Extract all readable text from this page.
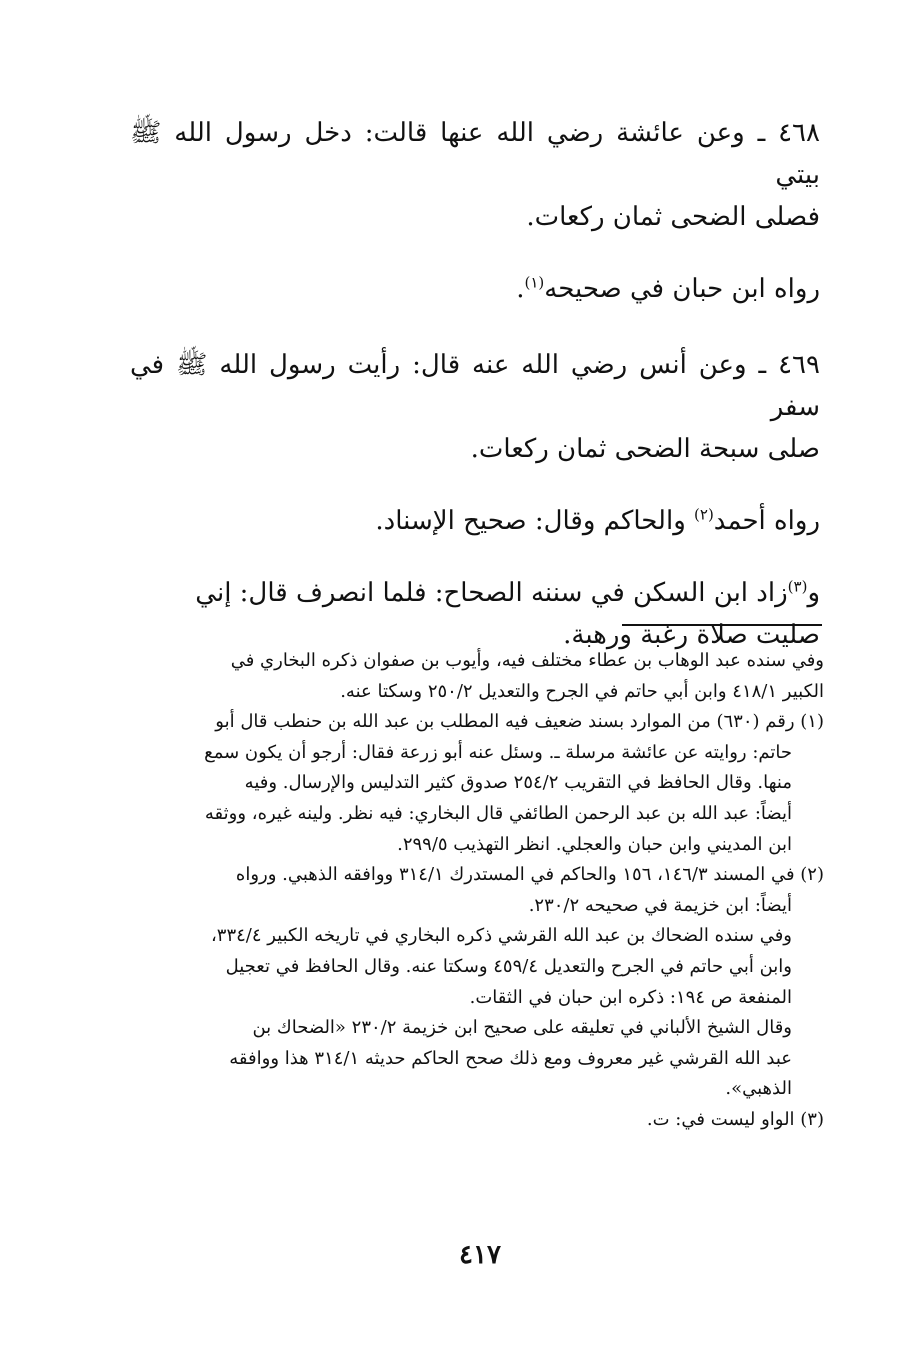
٤٦٨ ـ وعن عائشة رضي الله عنها قالت: دخل رسول الله ﷺ بيتي

فصلى الضحى ثمان ركعات.

رواه ابن حبان في صحيحه$^{(١)}$.

٤٦٩ ـ وعن أنس رضي الله عنه قال: رأيت رسول الله ﷺ في سفر

صلى سبحة الضحى ثمان ركعات.

رواه أحمد$^{(٢)}$ والحاكم وقال: صحيح الإسناد.

و$^{(٣)}$زاد ابن السكن في سننه الصحاح: فلما انصرف قال: إني

صليت صلاة رغبة ورهبة.

وفي سنده عبد الوهاب بن عطاء مختلف فيه، وأيوب بن صفوان ذكره البخاري في

الكبير ٤١٨/١ وابن أبي حاتم في الجرح والتعديل ٢٥٠/٢ وسكتا عنه.

(١) رقم (٦٣٠) من الموارد بسند ضعيف فيه المطلب بن عبد الله بن حنطب قال أبو

حاتم: روايته عن عائشة مرسلة ـ. وسئل عنه أبو زرعة فقال: أرجو أن يكون سمع

منها. وقال الحافظ في التقريب ٢٥٤/٢ صدوق كثير التدليس والإرسال. وفيه

أيضاً: عبد الله بن عبد الرحمن الطائفي قال البخاري: فيه نظر. ولينه غيره، ووثقه

ابن المديني وابن حبان والعجلي. انظر التهذيب ٢٩٩/٥.

(٢) في المسند ١٤٦/٣، ١٥٦ والحاكم في المستدرك ٣١٤/١ ووافقه الذهبي. ورواه

أيضاً: ابن خزيمة في صحيحه ٢٣٠/٢.

وفي سنده الضحاك بن عبد الله القرشي ذكره البخاري في تاريخه الكبير ٣٣٤/٤،

وابن أبي حاتم في الجرح والتعديل ٤٥٩/٤ وسكتا عنه. وقال الحافظ في تعجيل

المنفعة ص ١٩٤: ذكره ابن حبان في الثقات.

وقال الشيخ الألباني في تعليقه على صحيح ابن خزيمة ٢٣٠/٢ «الضحاك بن

عبد الله القرشي غير معروف ومع ذلك صحح الحاكم حديثه ٣١٤/١ هذا ووافقه

الذهبي».

(٣) الواو ليست في: ت.

٤١٧
